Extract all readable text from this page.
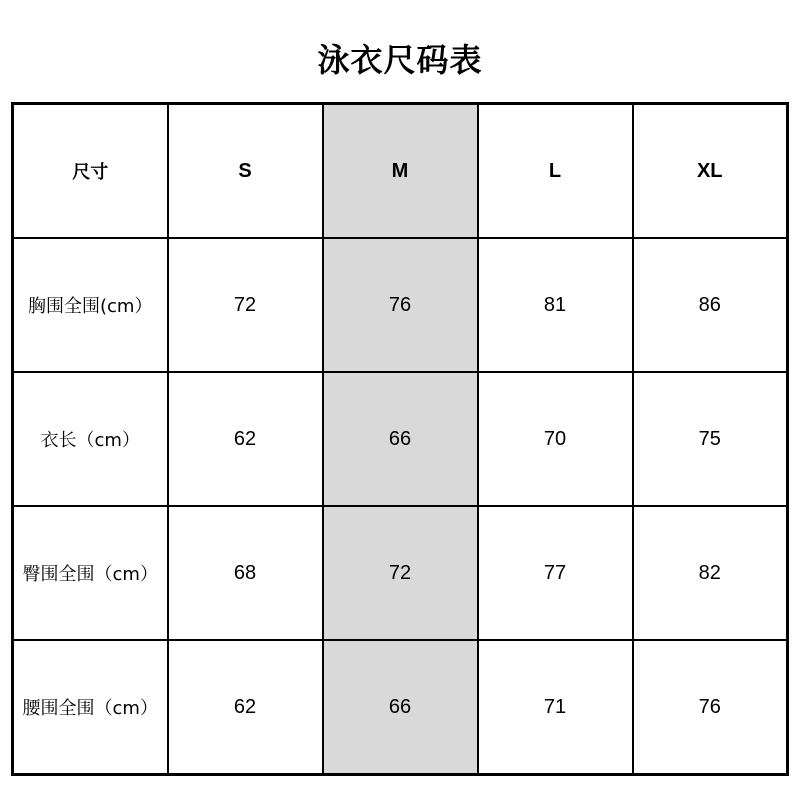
泳衣尺码表
尺寸	S	M	L	XL
胸围全围(cm）	72	76	81	86
衣长（cm）	62	66	70	75
臀围全围（cm）	68	72	77	82
腰围全围（cm）	62	66	71	76
